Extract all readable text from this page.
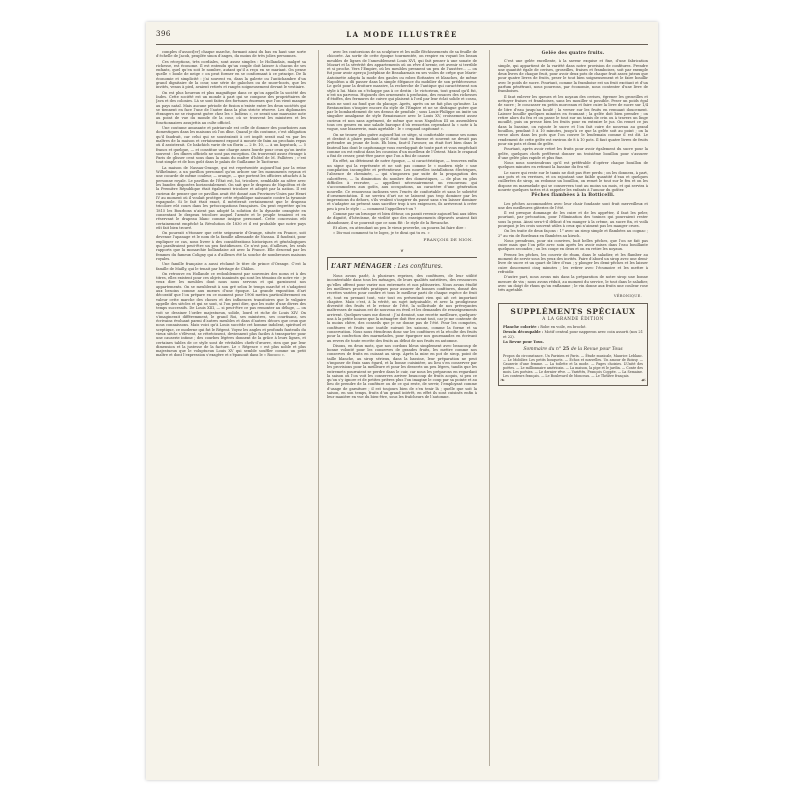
396	LA MODE ILLUSTRÉE

comples d’associ[er] chaque marche, formant ainsi du bas en haut une sorte d’échelle de Jacob, peuplée sinon d’anges, du moins de très jolies personnes.

Ces réceptions, très cordiales, sont assez simples : le Hollandais, malgré sa richesse, est économe. Il est entendu qu’un couple doit laisser à chacun de ses enfants, quel qu’en soit le nombre, autant qu’il a reçu en se mariant. On pense quelle « boule de neige » on peut former en se conformant à ce principe. De là économie et simplicité : j’ai souvent vu, dans la galerie ou l’antichambre d’un grand dignitaire de la cour, une série de galoches ou de snow-boots, que les invités, venus à pied, avaient retirés et rangés soigneusement devant le vestiaire.

On est plus heureux et plus magnifique dans ce qu’on appelle la société des Indes. Cette société est un monde à part qui se compose des propriétaires de Java et des colonies. Là se sont faites des fortunes énormes que l’on vient manger au pays natal. Mais aucune période de fusion n’existe entre les deux sociétés qui se tiennent en face l’une de l’autre dans la plus stricte réserve. Les diplomates étrangers ne se risquent guère chez les « Indiens », ce serait une mauvaise note au point de vue du monde de la cour, où se trouvent les ministres et les fonctionnaires assujettis au culte officiel.

Une coutume amusante et patriarcale est celle de donner des pourboires aux domestiques dans les maisons où l’on dîne. Quand je dis coutume, c’est obligation qu’il faudrait, car celui qui se soustrairait à cet impôt serait mal vu par les maîtres de la maison et certainement exposé à mourir de faim au prochain repas où il assisterait. Ce bakchich varie de un florin — 2 fr. 10, — à un kopstuck, — 5 francs et quelque, — et constitue une charge assez lourde pour ceux qu’on invite souvent : les dîners officiels ne sont pas exception. On trouverait assez étrange à Paris de glisser cent sous dans la main du maître d’hôtel de M. Fallières ; c’est tout simple et de bon goût dans le palais de Guillaume le Taciturne.

La maison de Nassau-Orange, qui est représentée aujourd’hui par la reine Wilhelmine, a un pavillon personnel qu’on arbore sur les monuments royaux et une cocarde de même couleur, — orange, — que portent les officiers attachés à la personne royale. Le pavillon de l’État est, lui, tricolore, semblable au nôtre avec les bandes disposées horizontalement. On sait que le drapeau de Napoléon et de la Première République était également tricolore et adopté par la nation. Il est curieux de penser que ce pavillon avait été donné aux Provinces-Unies par Henri IV au moment où il voulait protéger cette république naissante contre la tyrannie espagnole. Si le fait était exact, il mériterait certainement que le drapeau tricolore eût cours dans les préoccupations françaises. On peut regretter qu’en 1815 les Bourbons n’aient pas adopté la solution de la dynastie orangiste en consentant le drapeau tricolore auquel l’armée et le peuple tenaient et en réservant le drapeau blanc comme insigne personnel. Cette concession eût certainement empêché la Révolution de 1830 et il est probable que notre pays eût fait bien trouvé.

On pourrait s’étonner que cette seigneurie d’Orange, située en France, soit devenue l’apanage et le nom de la famille allemande de Nassau. Il faudrait, pour expliquer ce cas, nous livrer à des considérations historiques et généalogiques qui paraîtraient peut-être un peu fastidieuses. Ce n’est pas, d’ailleurs, les seuls rapports que la monarchie hollandaise ait avec la France. Elle descend par les femmes du fameux Coligny qui a d’ailleurs été la souche de nombreuses maisons royales.

Une famille française a aussi réclamé le titre de prince d’Orange. C’est la famille de Mailly, qui le tenait par héritage de Châlon.

On retrouve en Hollande ce redoublement par souvenirs des noms et à des titres, elles existent pour ces objets inanimés qui sont les témoins de notre vie : je veux dire les meubles dont nous nous servons et qui garnissent nos appartements. On se meublerait à son gré selon le temps marché et s’adaptent aux besoins comme aux mœurs d’une époque. La grande exposition d’art décoratif que l’on prépare en ce moment pour 1906 mettra particulièrement en valeur cette marche des choses et des influences transitoires que le vulgaire appelle des siècles et qui se sont, si l’on peut dire, que les suite d’une divers des temps successifs. De Louis XIII, — si peut-être ce pas remonter au déluge, — on voit se dessiner l’ordre majestueux, solide, lourd et riche de Louis XIV. On s’imaginerait différemment, le grand Roi, ses ministres, ses courtisans, ses écrivains évoluant parmi d’autres meubles et dans d’autres décors que ceux que nous connaissons. Mais voici qu’à Louis succède cet homme indolent, spirituel et sceptique, ce moderne qui fut le Régent. Voyez les angles et profonds fauteuils du vieux siècle s’élèvent, se rétrécissent, deviennent plus faciles à transporter pour une causerie intime ; des courbes légères donnent de la grâce à leurs lignes, et certaines tables de ce style sont de véritables chefs-d’œuvre, rien que par leur dimension et la justesse de la facture. Le « Régence » est plus noble et plus majestueux que le voluptueux Louis XV qui semble souffler comme un petit maître et dont l’expression s’exagère et s’épanouit dans le « Rococo ».

avec les contorsions de sa sculpture et les mille fléchissements de sa feuille de chicorée. Au sortir de cette époque tourmentée, on respire en voyant les beaux meubles de lignes de l’ameublement Louis XVI, qui fait penser à une sonate de Mozart et la sévérité des appartements où on rêve d’avenir, cet avenir si terrible et si proche. Vers l’Empire, où les meubles prennent un peu de l’austère... — on fut pour avoir aperçu Joséphine de Beauharnais en ses voiles de crêpe que Marie-Antoinette adopta la mode des gaules ou robes flottantes et blanches, de même Napoléon a dû passer dans la simple élégance du mobilier de son prédécesseur. Le goût pour la droiture massive, la recherche de l’antique qui caractérisent son style à lui. Mais on s’échappe pas à ce destin : le victorieux, tout grand qu’il fut, n’est un parvenu. Hujourds des ornements à profusion, des rosaces des richesses d’étoffes, des fermures de cuivre qui plaisent à l’œil par leur éclat solide et cossu, mais ne sont au fond que du placage. Après, après on ne fait plus qu’imiter. La Restauration s’inspire encore du style de l’Empire et ne se distingue guère que par le bombardement de ses dessus de pendule ; sous Louis-Philippe on imite un singulier amalgame de style Renaissance avec le Louis XV, croissement assez curieux et non sans agrément, de même que sous Napoléon III on assemblera tous ces genres en une salade baroque d’où ressortira cependant la « note à la vogue, une bizarrerie, mais agréable : le « crapaud capitonné ».

On ne trouve plus guère aujourd’hui ce siège, si confortable comme ses noms et destiné à plaire pendant qu’il était tout en finesse et souvent ne devait pas prétendre au jeune de bois. Eh bien, faut-il l’avouer, on était fort bien dans le fauteuil bas dont le capitonnage vous enveloppait de toute part et vous empêchait comme on est enfoui dans les coussins d’un moelleux de l’Orient. Mais le crapaud a fini de cesser, peut-être parce que l’on a fini de causer.

En effet, au détriment de notre époque, — si caractéristique, — trouvera enfin un signe qui la représente et ne soit pas comme le « modern style » une compilation incomplète et prétentieuse. Les nouvelles installations électriques, l’absence de cheminée, — qui s’imposera par suite de la propagation des calorifères, — la diminution du nombre des domestiques, — de plus en plus difficiles à recruter, — appellent nécessairement un renouveau qui s’accommodera aux goûts, aux occupations, au caractère d’une génération nouvelle. Ce renouveau inclinera vers l’excès de confortable et sans le sobriété d’ornementation. Il ne servira d’art ne se laissent pas trop dominer par les impressions du dehors, s’ils veulent s’inspirer du passé sans s’en laisser dominer et s’adapter au présent sans sacrifier trop à ses exigences, ils arriveront à créer peu à peu le style : — comment l’appellera-t-on ?

Comme par un brusque et bien détour, on parait revenir aujourd’hui aux idées de dignité, d’héroïsme, de virilité que des enseignements dépravés avaient fait abandonner, il se pourrait que ce nom fût : le style de la Revanche.

Et alors, en attendant un peu le vieux proverbe, on pourra lui faire dire :

« Dis-moi comment tu te loges, je te dirai qui tu es. »

FRANÇOIS DE NION.
❦
L’ART MÉNAGER : Les confitures.

Nous avons parlé, à plusieurs reprises, des confitures, de leur utilité incontestable dans tous les ménages, de leurs qualités nutritives, des ressources qu’elles offrent pour varier nos entremets et nos pâtisseries. Nous avons étudié les meilleurs procédés pratiques pour assurer de bonnes confitures, donné des recettes variées pour confire et tous le meilleur parti de chaque espèce de fruit et, tout en prenant tout, voir tout en présentant rien qui ait cet important chapitre. Mais c’est, à la vérité, un sujet inépuisable, et avec la prodigieuse diversité des fruits et le retour de l’été, la sollicitude de nos prévoyantes maîtresses de maison est de nouveau en éveil et les demandes de renseignements arrivent. Quelques-unes me diront : J’ai dessiné, une recette meilleure, quelques-uns à la petite bourse que la ménagère doit être avant tout, car je me contente de la moins chère, des conseils que je ne donne pas de l’été. Pour les compotes, confitures et fruits une inutile suivant les saisons, comme la forme et sa conservation. Nous nous étendrons donc sur les confitures et la récolte des fruits pour la confection des marmelades, pour épargner nos gourmandes en écrivant au revers de toute recette des fruits au début de nos fruits en automne.

Disons, en deux mots, que nos cordons bleus simplement avec beaucoup de bonne volonté pour les conserves de grandes fruits, les mettre comme nos conserves de fruits en cuisant au sirop. Après la mise en pot de sirop, point de taille blanche, au sirop sérieux, dans la bassine, leur préparation ne peut s’imposer de frais sans égard, et la bonne cuisinière, au lieu s’en conserver par les provisions pour la meilleure et pour les desserts un peu légers, tandis que les entremets pourraient se perdre dans le cuir, car nous les préparons en regardant la saison où l’on voit les conserves arriver beaucoup de fruits acquis, si peu ce qu’on s’y ignore et de petites prières plus l’on imagine le coup par sa pointe et au lieu de prendre de la confiture ou de ce qui reste, de servir, l’employant comme d’usage de garniture ; il est toujours bien de s’en tenir là ; quelle que soit la saison, en son temps, fruits d’un grand intérêt, en effet ils sont cuisinés enfin à leur manière en vue du bien-être, sous les fraîcheurs de l’automne.

Gelée des quatre fruits.

C’est une gelée excellente, à la saveur exquise et fine, d’une fabrication simple, qui appartient de la variété dans notre provision de confitures. Prendre une quantité égale de cerises, groseilles, fraises et framboises, soit par exemple deux livres de chaque fruit, pour avoir deux pots de chaque fruit assez juteux que pour quatre livres de fruits, peser le tout bien soigneusement et le faire bouillir avec le poids de sucre. Pourtant, comme la framboise est un fruit excitant et d’un parfum pénétrant, nous pourrons, par économie, nous contenter d’une livre de framboises.

Il faut enlever les queues et les noyaux des cerises, égrener les groseilles et nettoyer fraises et framboises, sans les mouiller si possible. Peser un poids égal de sucre ; le concasser en petits morceaux et faire cuire la livre de sucre sur 1/4 de litre d’eau jusqu’au boulé ; la verser sur les fruits en remuant doucement. Laisser bouillir quelques minutes en écumant ; la gelée doit bien prendre ; on retire alors du feu et on passe le tout sur un tamis de crin ou à travers un linge mouillé, puis on presse bien les fruits pour en extraire le jus. On remet ce jus dans la bassine, on rajoute le sucre et l’on fait cuire de nouveau au grand bouillon, pendant 5 à 10 minutes, jusqu’à ce que la gelée soit au point ; on la verse alors dans les pots que l’on couvre le lendemain comme il est dit. Le rendement de cette gelée est environ de 8 à 10 pots. Il faut quatre livres de fruits pour six pots et demi de gelée.

Pourtant, après avoir retiré les fruits pour avoir également du sucre pour la gelée, quelques chefs préfèrent donner un troisième bouillon pour s’assurer d’une gelée plus rapide et plus fine.

Nous nous souviendrons qu’il est préférable d’opérer chaque bouillon de quelques minutes en retirant la bassine du feu vif.

Le sucre qui reste sur le tamis ne doit pas être perdu ; on les donnera, à part, aux pots et en verrines, et on rajoutant une faible quantité d’eau et quelques cuillerées de sirop, on redonne un bouillon, on remet le tout sur le feu et on les dispose en marmelade qui se conservera tout au moins un mois, et qui servira à nourrir quelques tartes et à rappeler les enfants à l’amour du goûter.

Pêches flambées à la Botticelli.

Les pêches accommodées avec leur chair fondante sont fruit merveilleux et une des meilleures gâteries de l’été.

Il est presque dommage de les cuire et de les apprêter, il faut les peler, pourtant, par précaution, pour l’élimination des toxines qui pourraient rester sous la peau. Ainsi sera-t-il délicat d’en manger à la crème, au sucre fin, et voilà pourquoi je les crois souvent utiles à ceux qui n’aiment pas les manger crues.

On les traite de deux façons : 1° avec un sirop simple et flambées au cognac ; 2° au vin de Bordeaux en flambées au kirsch.

Nous prendrons, pour six convives, huit belles pêches, que l’on ne fait pas cuire mais que l’on pèle avec soin après les avoir mises dans l’eau bouillante quelques secondes ; on les coupe en deux et on en retire les noyaux.

Prenez les pêches, les couvrir de rhum, dans le saladier, et les flamber au moment de servir sous les yeux des invités. Faire d’abord un sirop avec une demi-livre de sucre et un quart de litre d’eau ; y plonger les demi-pêches et les laisser cuire doucement cinq minutes ; les retirer avec l’écumoire et les mettre à refroidir.

D’autre part, nous avons mis dans la préparation de notre sirop une bonne mesure de vin ; nous avons réduit, au moment du service, le tout dans le saladier, avec un doigt de rhum qu’on enflamme ; le vin donne aux fruits une couleur rose très agréable.

VÉRONIQUE.
SUPPLÉMENTS SPÉCIAUX
A LA GRANDE ÉDITION
Planche coloriée : Robe en voile, en broché.
Dessin découpable : Motif central pour napperon avec coin assorti (nos 21 et 22).
La Revue pour Tous.
Sommaire du n° 25 de la Revue pour Tous
Propos du circonstance. Un Parisien et Paris. — Étude musicale, Maurice Leblanc. — Le Mobilier. Les petits bouquets. — Échos et nouvelles. Un amour de Boissy. — Causerie d’une femme. — La toilette et la mode. — Pages choisies. L’Unité des poètes. — Le millionnaire américain. — La maison, la pipe et le jardin. — Conte des mois. Les poésies. — Le dernier rêve. — Variétés, François Coppée. — La Semaine. Les conteurs français. — Le Boulevard de Monceau. — Le Théâtre français.
❧	☙
